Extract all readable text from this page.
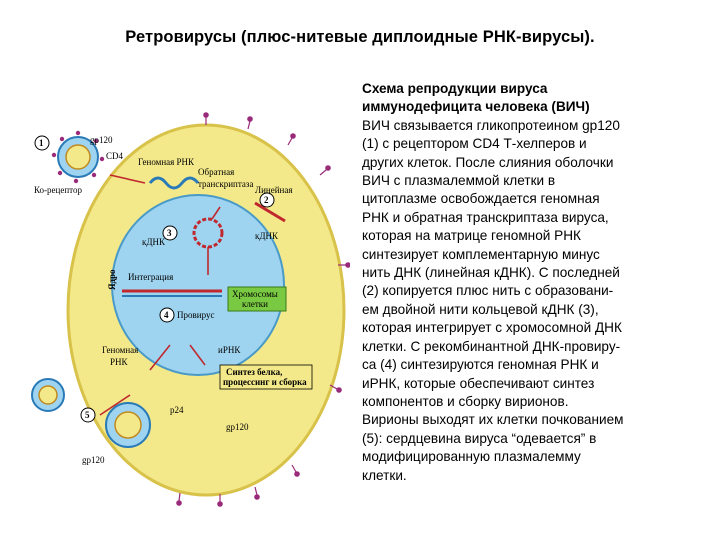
Ретровирусы (плюс-нитевые диплоидные РНК-вирусы).
1
2
3
4
5
gp120
CD4
Ко-рецептор
Геномная РНК
Обратная
транскриптаза
Линейная
кДНК
кДНК
Ядро Интеграция
Хромосомы
клетки
Провирус
Геномная
РНК
иРНК
Синтез белка,
процессинг и сборка
p24
gp120
gp120

Схема репродукции вируса

иммунодефицита человека (ВИЧ)

ВИЧ связывается гликопротеином gp120

(1) с рецептором CD4 Т-хелперов и

других клеток. После слияния оболочки

ВИЧ с плазмалеммой клетки в

цитоплазме освобождается геномная

РНК и обратная транскриптаза вируса,

которая на матрице геномной РНК

синтезирует комплементарную минус

нить ДНК (линейная кДНК). С последней

(2) копируется плюс нить с образовани-

ем двойной нити кольцевой кДНК (3),

которая интегрирует с хромосомной ДНК

клетки. С рекомбинантной ДНК-провиру-

са (4) синтезируются геномная РНК и

иРНК, которые обеспечивают синтез

компонентов и сборку вирионов.

Вирионы выходят их клетки почкованием

(5): сердцевина вируса “одевается” в

модифицированную плазмалемму

клетки.
